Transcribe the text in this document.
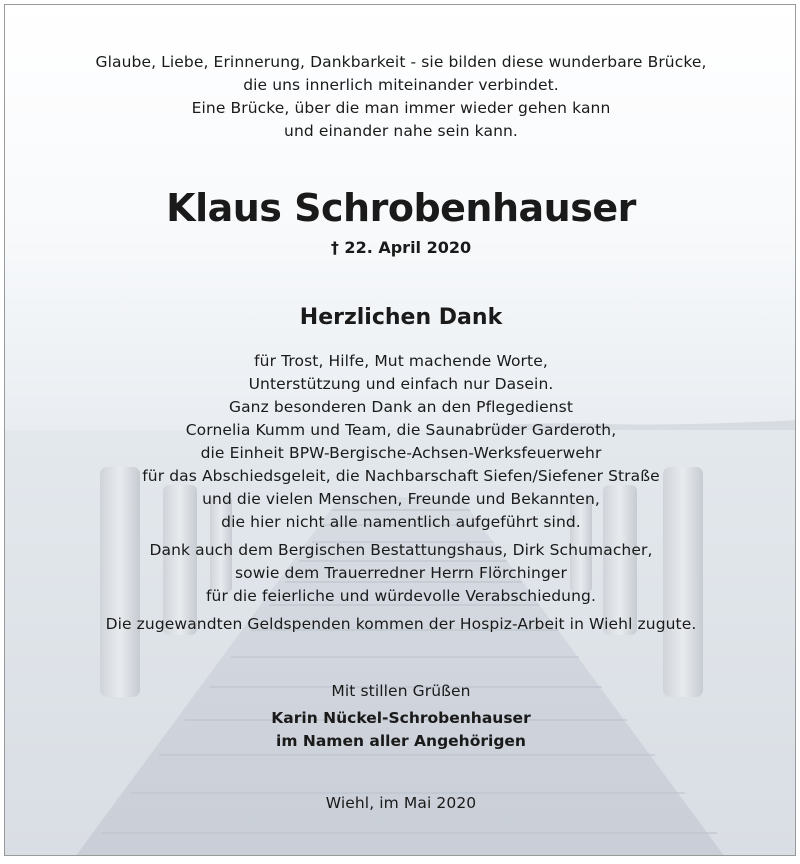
Glaube, Liebe, Erinnerung, Dankbarkeit - sie bilden diese wunderbare Brücke,
die uns innerlich miteinander verbindet.
Eine Brücke, über die man immer wieder gehen kann
und einander nahe sein kann.
Klaus Schrobenhauser
† 22. April 2020
Herzlichen Dank
für Trost, Hilfe, Mut machende Worte,
Unterstützung und einfach nur Dasein.
Ganz besonderen Dank an den Pflegedienst
Cornelia Kumm und Team, die Saunabrüder Garderoth,
die Einheit BPW-Bergische-Achsen-Werksfeuerwehr
für das Abschiedsgeleit, die Nachbarschaft Siefen/Siefener Straße
und die vielen Menschen, Freunde und Bekannten,
die hier nicht alle namentlich aufgeführt sind.
Dank auch dem Bergischen Bestattungshaus, Dirk Schumacher,
sowie dem Trauerredner Herrn Flörchinger
für die feierliche und würdevolle Verabschiedung.
Die zugewandten Geldspenden kommen der Hospiz-Arbeit in Wiehl zugute.
Mit stillen Grüßen
Karin Nückel-Schrobenhauser
im Namen aller Angehörigen
Wiehl, im Mai 2020
